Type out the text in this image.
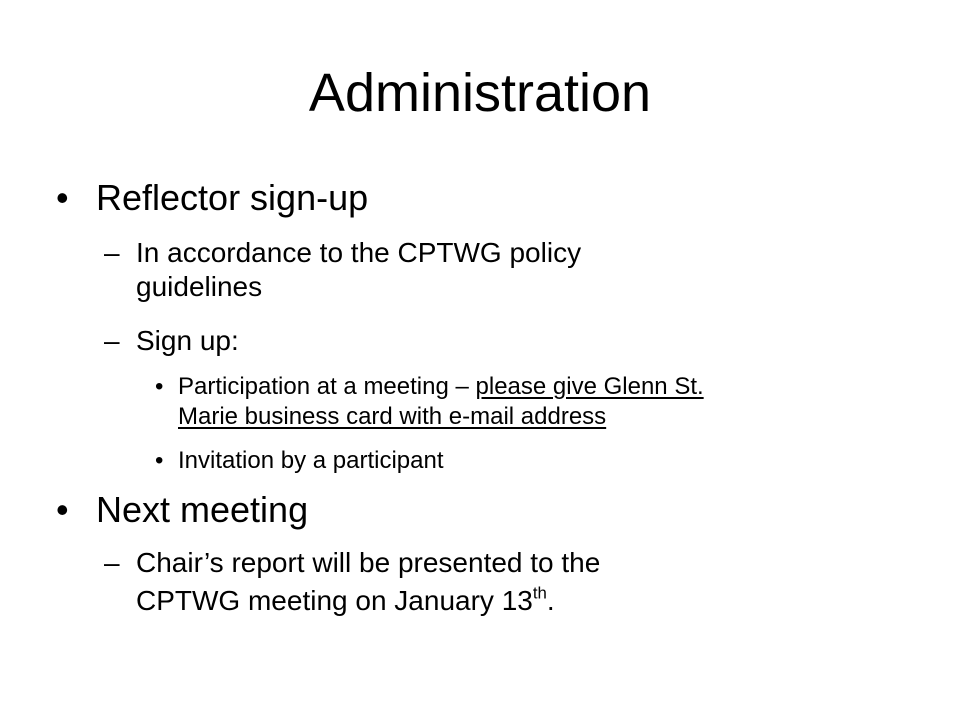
Administration
• Reflector sign-up
– In accordance to the CPTWG policy
guidelines
– Sign up:
• Participation at a meeting – please give Glenn St.
Marie business card with e-mail address
• Invitation by a participant
• Next meeting
– Chair’s report will be presented to the
CPTWG meeting on January 13th.
